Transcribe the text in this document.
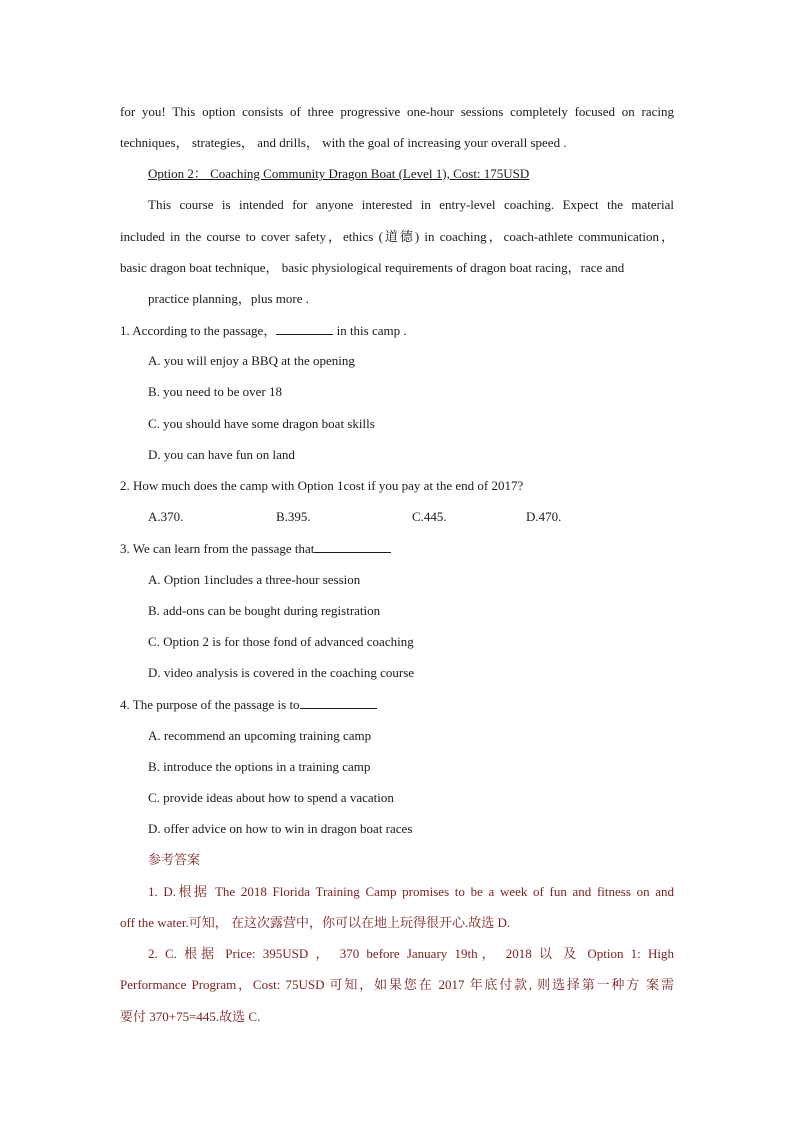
for you! This option consists of three progressive one-hour sessions completely focused on racing
techniques， strategies， and drills， with the goal of increasing your overall speed .
Option 2： Coaching Community Dragon Boat (Level 1), Cost: 175USD
This course is intended for anyone interested in entry-level coaching. Expect the material
included in the course to cover safety，ethics (道德) in coaching，coach-athlete communication，
basic dragon boat technique， basic physiological requirements of dragon boat racing，race and
practice planning，plus more .
1. According to the passage，	in this camp .
A. you will enjoy a BBQ at the opening
B. you need to be over 18
C. you should have some dragon boat skills
D. you can have fun on land
2. How much does the camp with Option 1cost if you pay at the end of 2017?
A.370.	B.395.	C.445.	D.470.
3. We can learn from the passage that
A. Option 1includes a three-hour session
B. add-ons can be bought during registration
C. Option 2 is for those fond of advanced coaching
D. video analysis is covered in the coaching course
4. The purpose of the passage is to
A. recommend an upcoming training camp
B. introduce the options in a training camp
C. provide ideas about how to spend a vacation
D. offer advice on how to win in dragon boat races
参考答案
1. D.根据 The 2018 Florida Training Camp promises to be a week of fun and fitness on and
off the water.可知， 在这次露营中，你可以在地上玩得很开心.故选 D.
2. C. 根据 Price: 395USD ， 370 before January 19th， 2018 以 及 Option 1: High
Performance Program，Cost: 75USD 可知，如果您在 2017 年底付款, 则选择第一种方 案需
要付 370+75=445.故选 C.
